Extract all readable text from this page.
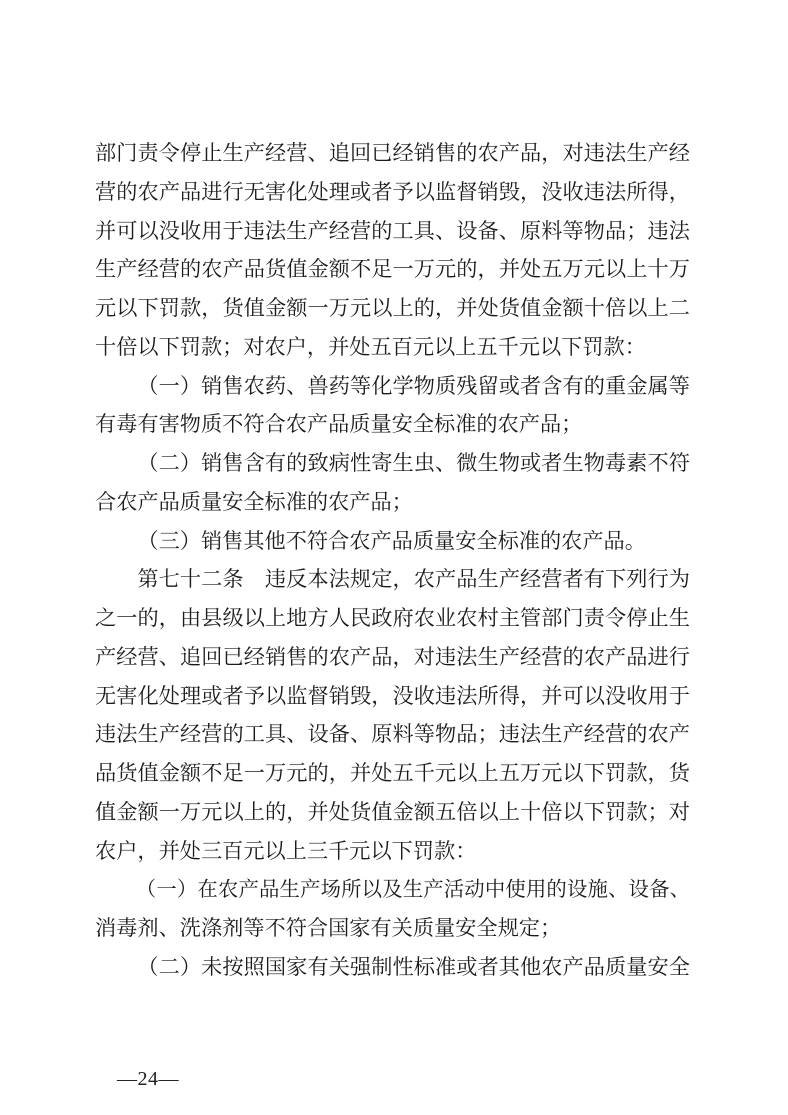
部门责令停止生产经营、追回已经销售的农产品，对违法生产经
营的农产品进行无害化处理或者予以监督销毁，没收违法所得，
并可以没收用于违法生产经营的工具、设备、原料等物品；违法
生产经营的农产品货值金额不足一万元的，并处五万元以上十万
元以下罚款，货值金额一万元以上的，并处货值金额十倍以上二
十倍以下罚款；对农户，并处五百元以上五千元以下罚款：
（一）销售农药、兽药等化学物质残留或者含有的重金属等
有毒有害物质不符合农产品质量安全标准的农产品；
（二）销售含有的致病性寄生虫、微生物或者生物毒素不符
合农产品质量安全标准的农产品；
（三）销售其他不符合农产品质量安全标准的农产品。
第七十二条　违反本法规定，农产品生产经营者有下列行为
之一的，由县级以上地方人民政府农业农村主管部门责令停止生
产经营、追回已经销售的农产品，对违法生产经营的农产品进行
无害化处理或者予以监督销毁，没收违法所得，并可以没收用于
违法生产经营的工具、设备、原料等物品；违法生产经营的农产
品货值金额不足一万元的，并处五千元以上五万元以下罚款，货
值金额一万元以上的，并处货值金额五倍以上十倍以下罚款；对
农户，并处三百元以上三千元以下罚款：
（一）在农产品生产场所以及生产活动中使用的设施、设备、
消毒剂、洗涤剂等不符合国家有关质量安全规定；
（二）未按照国家有关强制性标准或者其他农产品质量安全
—24—
